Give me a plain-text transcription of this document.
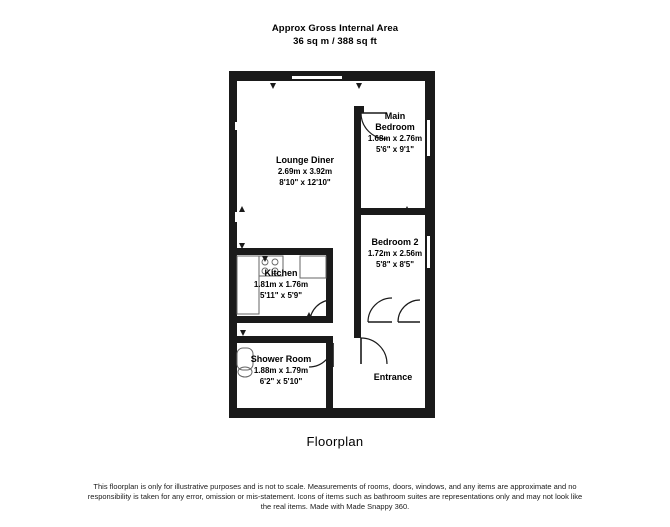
Approx Gross Internal Area
36 sq m / 388 sq ft
Lounge Diner
2.69m x 3.92m
8'10" x 12'10"
Main
Bedroom
1.68m x 2.76m
5'6" x 9'1"
Bedroom 2
1.72m x 2.56m
5'8" x 8'5"
Kitchen
1.81m x 1.76m
5'11" x 5'9"
Shower Room
1.88m x 1.79m
6'2" x 5'10"	Entrance
Floorplan
This floorplan is only for illustrative purposes and is not to scale. Measurements of rooms, doors, windows, and any items are approximate and no responsibility is taken for any error, omission or mis-statement. Icons of items such as bathroom suites are representations only and may not look like the real items. Made with Made Snappy 360.
